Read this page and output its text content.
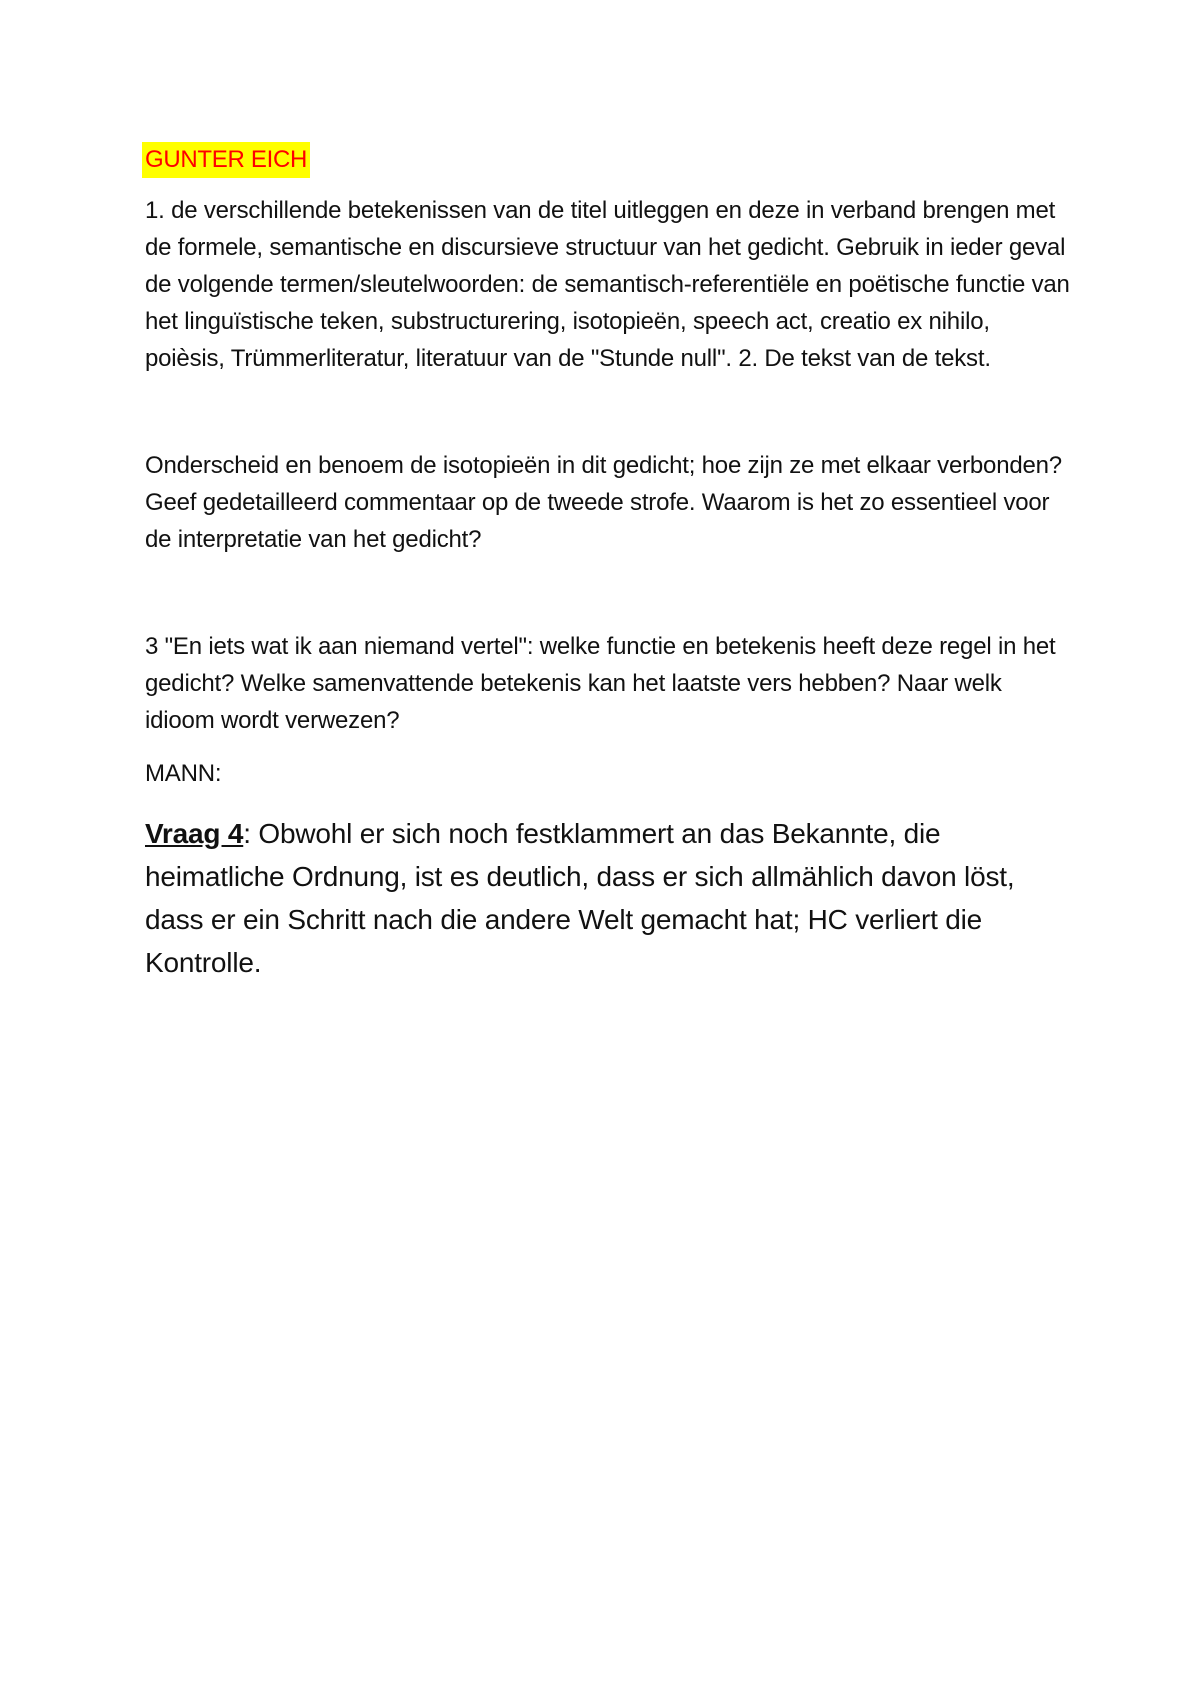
GUNTER EICH

1. de verschillende betekenissen van de titel uitleggen en deze in verband brengen met de formele, semantische en discursieve structuur van het gedicht. Gebruik in ieder geval de volgende termen/sleutelwoorden: de semantisch-referentiële en poëtische functie van het linguïstische teken, substructurering, isotopieën, speech act, creatio ex nihilo, poièsis, Trümmerliteratur, literatuur van de "Stunde null". 2. De tekst van de tekst.

Onderscheid en benoem de isotopieën in dit gedicht; hoe zijn ze met elkaar verbonden? Geef gedetailleerd commentaar op de tweede strofe. Waarom is het zo essentieel voor de interpretatie van het gedicht?

3 "En iets wat ik aan niemand vertel": welke functie en betekenis heeft deze regel in het gedicht? Welke samenvattende betekenis kan het laatste vers hebben? Naar welk idioom wordt verwezen?

MANN:

Vraag 4: Obwohl er sich noch festklammert an das Bekannte, die heimatliche Ordnung, ist es deutlich, dass er sich allmählich davon löst, dass er ein Schritt nach die andere Welt gemacht hat; HC verliert die Kontrolle.
